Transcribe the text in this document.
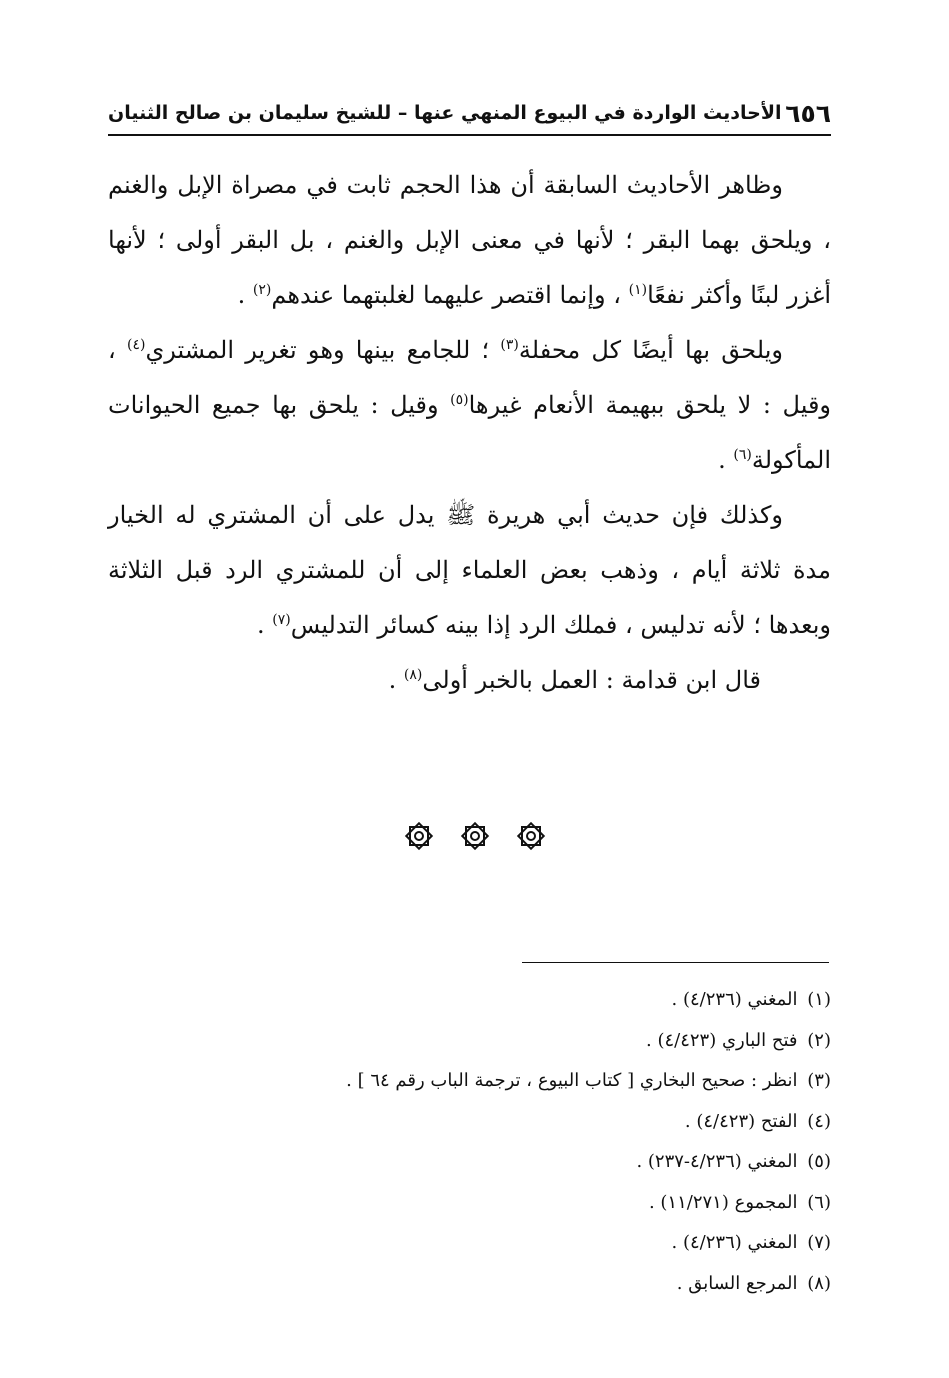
٦٥٦
الأحاديث الواردة في البيوع المنهي عنها – للشيخ سليمان بن صالح الثنيان

وظاهر الأحاديث السابقة أن هذا الحجم ثابت في مصراة الإبل والغنم ، ويلحق بهما البقر ؛ لأنها في معنى الإبل والغنم ، بل البقر أولى ؛ لأنها أغزر لبنًا وأكثر نفعًا$^{(١)}$ ، وإنما اقتصر عليهما لغلبتهما عندهم$^{(٢)}$ .

ويلحق بها أيضًا كل محفلة$^{(٣)}$ ؛ للجامع بينها وهو تغرير المشتري$^{(٤)}$ ، وقيل : لا يلحق ببهيمة الأنعام غيرها$^{(٥)}$ وقيل : يلحق بها جميع الحيوانات المأكولة$^{(٦)}$ .

وكذلك فإن حديث أبي هريرة ﷺ يدل على أن المشتري له الخيار مدة ثلاثة أيام ، وذهب بعض العلماء إلى أن للمشتري الرد قبل الثلاثة وبعدها ؛ لأنه تدليس ، فملك الرد إذا بينه كسائر التدليس$^{(٧)}$ .

قال ابن قدامة : العمل بالخبر أولى$^{(٨)}$ .

(١) المغني (٤/٢٣٦) .
(٢) فتح الباري (٤/٤٢٣) .
(٣) انظر : صحيح البخاري [ كتاب البيوع ، ترجمة الباب رقم ٦٤ ] .
(٤) الفتح (٤/٤٢٣) .
(٥) المغني (٤/٢٣٦-٢٣٧) .
(٦) المجموع (١١/٢٧١) .
(٧) المغني (٤/٢٣٦) .
(٨) المرجع السابق .
